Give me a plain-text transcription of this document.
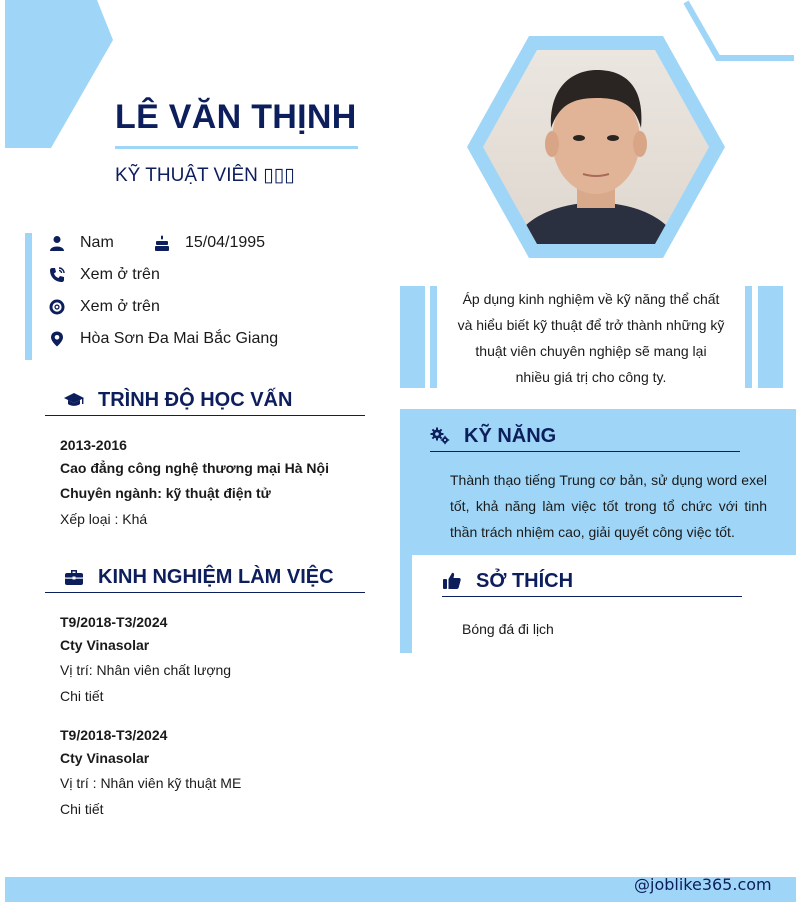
LÊ VĂN THỊNH
KỸ THUẬT VIÊN ▯▯▯
Nam	15/04/1995
Xem ở trên
Xem ở trên
Hòa Sơn Đa Mai Bắc Giang
TRÌNH ĐỘ HỌC VẤN
2013-2016
Cao đẳng công nghệ thương mại Hà Nội
Chuyên ngành: kỹ thuật điện tử
Xếp loại : Khá
KINH NGHIỆM LÀM VIỆC
T9/2018-T3/2024
Cty Vinasolar
Vị trí: Nhân viên chất lượng
Chi tiết
T9/2018-T3/2024
Cty Vinasolar
Vị trí : Nhân viên kỹ thuật ME
Chi tiết
Áp dụng kinh nghiệm về kỹ năng thể chất
và hiểu biết kỹ thuật để trở thành những kỹ
thuật viên chuyên nghiệp sẽ mang lại
nhiều giá trị cho công ty.
KỸ NĂNG
Thành thạo tiếng Trung cơ bản, sử dụng word exel tốt, khả năng làm việc tốt trong tổ chức với tinh thần trách nhiệm cao, giải quyết công việc tốt.
SỞ THÍCH
Bóng đá đi lịch
@joblike365.com
